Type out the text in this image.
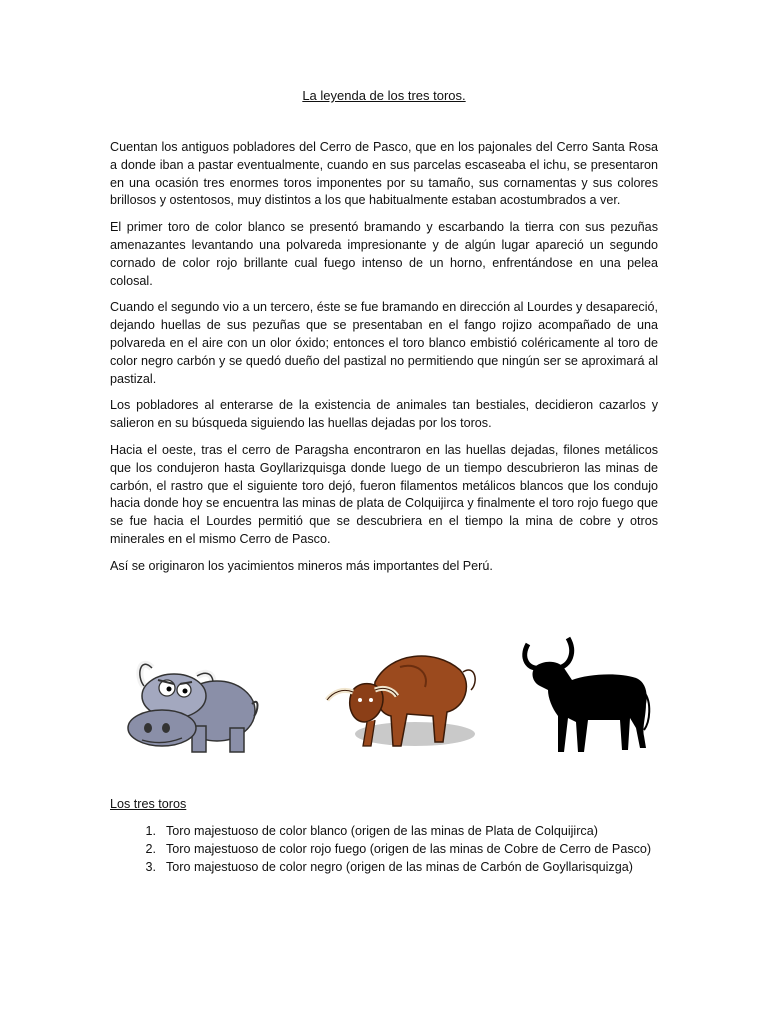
La leyenda de los tres toros.

Cuentan los antiguos pobladores del Cerro de Pasco, que en los pajonales del Cerro Santa Rosa a donde iban a pastar eventualmente, cuando en sus parcelas escaseaba el ichu, se presentaron en una ocasión tres enormes toros imponentes por su tamaño, sus cornamentas y sus colores brillosos y ostentosos, muy distintos a los que habitualmente estaban acostumbrados a ver.

El primer toro de color blanco se presentó bramando y escarbando la tierra con sus pezuñas amenazantes levantando una polvareda impresionante y de algún lugar apareció un segundo cornado de color rojo brillante cual fuego intenso de un horno, enfrentándose en una pelea colosal.

Cuando el segundo vio a un tercero, éste se fue bramando en dirección al Lourdes y desapareció, dejando huellas de sus pezuñas que se presentaban en el fango rojizo acompañado de una polvareda en el aire con un olor óxido; entonces el toro blanco embistió coléricamente al toro de color negro carbón y se quedó dueño del pastizal no permitiendo que ningún ser se aproximará al pastizal.

Los pobladores al enterarse de la existencia de animales tan bestiales, decidieron cazarlos y salieron en su búsqueda siguiendo las huellas dejadas por los toros.

Hacia el oeste, tras el cerro de Paragsha encontraron en las huellas dejadas, filones metálicos que los condujeron hasta Goyllarizquisga donde luego de un tiempo descubrieron las minas de carbón, el rastro que el siguiente toro dejó, fueron filamentos metálicos blancos que los condujo hacia donde hoy se encuentra las minas de plata de Colquijirca y finalmente el toro rojo fuego que se fue hacia el Lourdes permitió que se descubriera en el tiempo la mina de cobre y otros minerales en el mismo Cerro de Pasco.

Así se originaron los yacimientos mineros más importantes del Perú.

Los tres toros
1. Toro majestuoso de color blanco (origen de las minas de Plata de Colquijirca)
2. Toro majestuoso de color rojo fuego (origen de las minas de Cobre de Cerro de Pasco)
3. Toro majestuoso de color negro (origen de las minas de Carbón de Goyllarisquizga)
